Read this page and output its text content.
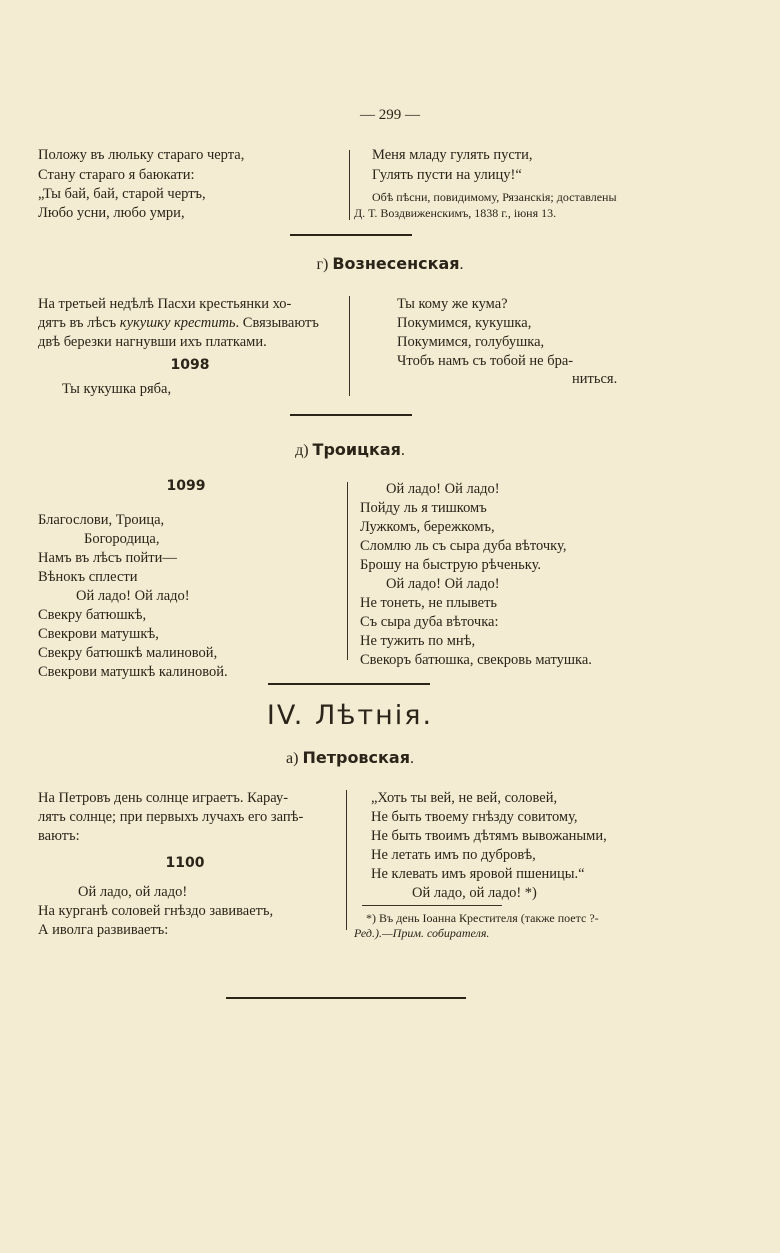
— 299 —
Положу въ люльку стараго черта,
Стану стараго я баюкати:
„Ты бай, бай, старой чертъ,
Любо усни, любо умри,
Меня младу гулять пусти,
Гулять пусти на улицу!“
Обѣ пѣсни, повидимому, Рязанскія; доставлены
Д. Т. Воздвиженскимъ, 1838 г., іюня 13.
г) Вознесенская.
На третьей недѣлѣ Пасхи крестьянки хо-
дятъ въ лѣсъ кукушку крестить. Связываютъ
двѣ березки нагнувши ихъ платками.
1098
Ты кукушка ряба,
Ты кому же кума?
Покумимся, кукушка,
Покумимся, голубушка,
Чтобъ намъ съ тобой не бра-
ниться.
д) Троицкая.
1099
Благослови, Троица,
Богородица,
Намъ въ лѣсъ пойти—
Вѣнокъ сплести
Ой ладо! Ой ладо!
Свекру батюшкѣ,
Свекрови матушкѣ,
Свекру батюшкѣ малиновой,
Свекрови матушкѣ калиновой.
Ой ладо! Ой ладо!
Пойду ль я тишкомъ
Лужкомъ, бережкомъ,
Сломлю ль съ сыра дуба вѣточку,
Брошу на быструю рѣченьку.
Ой ладо! Ой ладо!
Не тонеть, не плыветь
Съ сыра дуба вѣточка:
Не тужить по мнѣ,
Свекоръ батюшка, свекровь матушка.
IV. Лѣтнія.
а) Петровская.
На Петровъ день солнце играетъ. Карау-
лятъ солнце; при первыхъ лучахъ его запѣ-
ваютъ:
1100
Ой ладо, ой ладо!
На курганѣ соловей гнѣздо завиваетъ,
А иволга развиваетъ:
„Хоть ты вей, не вей, соловей,
Не быть твоему гнѣзду совитому,
Не быть твоимъ дѣтямъ вывожаными,
Не летать имъ по дубровѣ,
Не клевать имъ яровой пшеницы.“
Ой ладо, ой ладо! *)
*) Въ день Іоанна Крестителя (также поетс ?-
Ред.).—Прим. собирателя.
